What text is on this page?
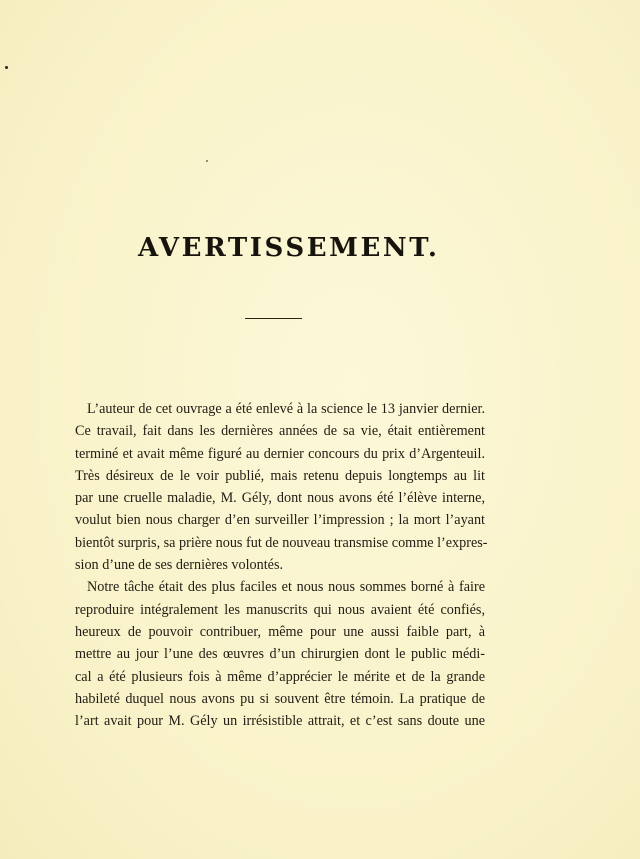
AVERTISSEMENT.
L’auteur de cet ouvrage a été enlevé à la science le 13 janvier dernier.
Ce travail, fait dans les dernières années de sa vie, était entièrement
terminé et avait même figuré au dernier concours du prix d’Argenteuil.
Très désireux de le voir publié, mais retenu depuis longtemps au lit
par une cruelle maladie, M. Gély, dont nous avons été l’élève interne,
voulut bien nous charger d’en surveiller l’impression ; la mort l’ayant
bientôt surpris, sa prière nous fut de nouveau transmise comme l’expres-
sion d’une de ses dernières volontés.
Notre tâche était des plus faciles et nous nous sommes borné à faire
reproduire intégralement les manuscrits qui nous avaient été confiés,
heureux de pouvoir contribuer, même pour une aussi faible part, à
mettre au jour l’une des œuvres d’un chirurgien dont le public médi-
cal a été plusieurs fois à même d’apprécier le mérite et de la grande
habileté duquel nous avons pu si souvent être témoin. La pratique de
l’art avait pour M. Gély un irrésistible attrait, et c’est sans doute une
